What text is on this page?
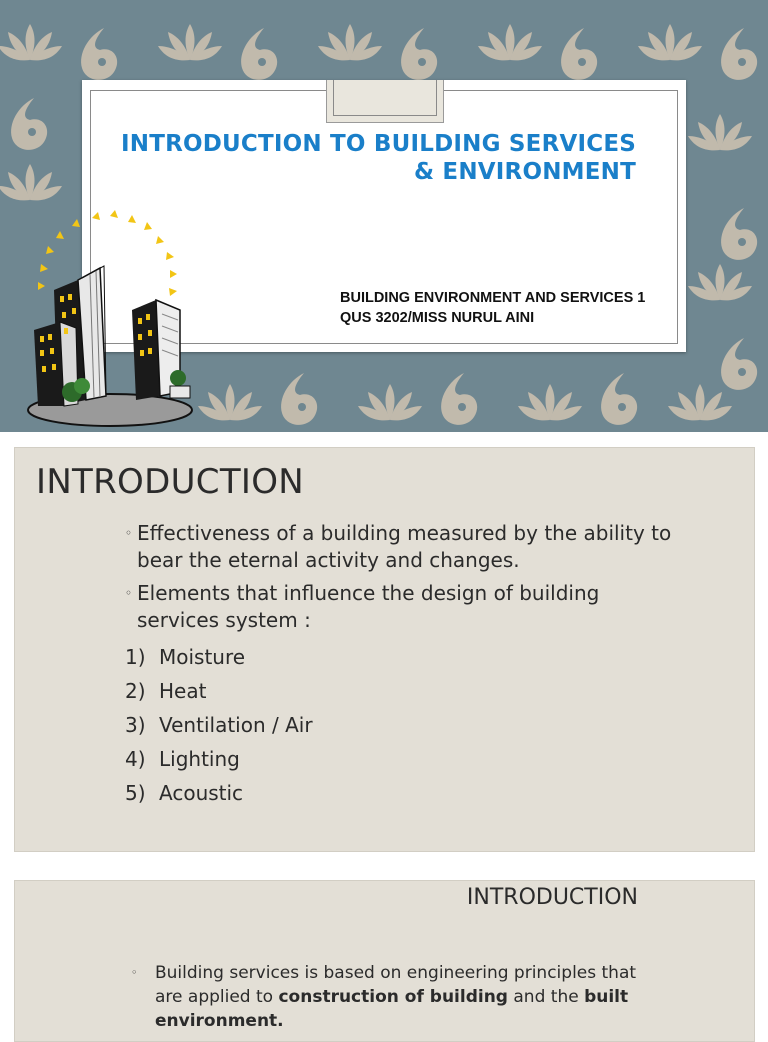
INTRODUCTION TO BUILDING SERVICES
& ENVIRONMENT
BUILDING ENVIRONMENT AND SERVICES 1
QUS 3202/MISS NURUL AINI
INTRODUCTION
◦ Effectiveness of a building measured by the ability to bear the eternal activity and changes.
◦ Elements that influence the design of building services system :
1) Moisture
2) Heat
3) Ventilation / Air
4) Lighting
5) Acoustic
INTRODUCTION

◦ Building services is based on engineering principles that are applied to construction of building and the built environment.
